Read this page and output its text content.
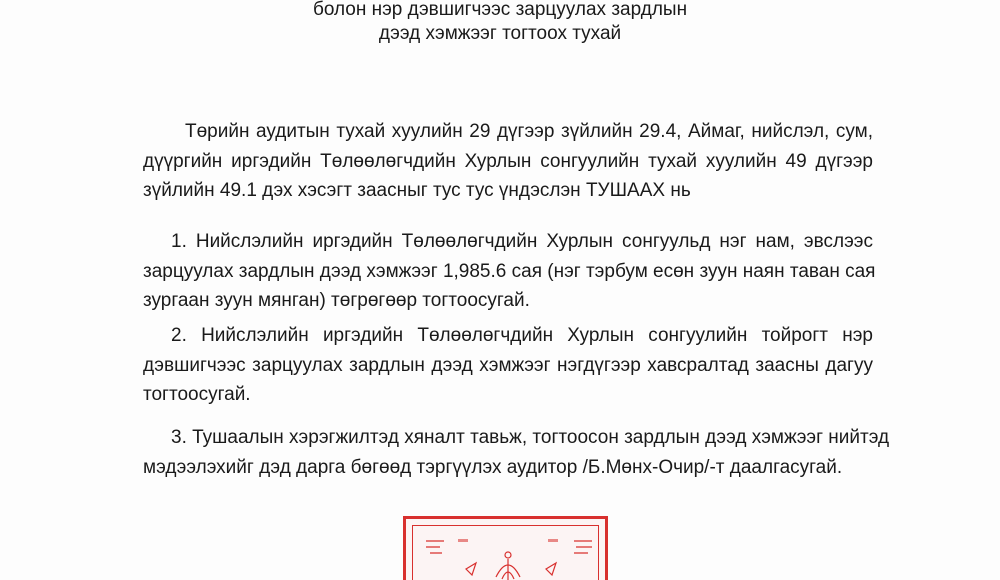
болон нэр дэвшигчээс зарцуулах зардлын
дээд хэмжээг тогтоох тухай
Төрийн аудитын тухай хуулийн 29 дүгээр зүйлийн 29.4, Аймаг, нийслэл, сум,
дүүргийн иргэдийн Төлөөлөгчдийн Хурлын сонгуулийн тухай хуулийн 49 дүгээр
зүйлийн 49.1 дэх хэсэгт заасныг тус тус үндэслэн ТУШААХ нь
1. Нийслэлийн иргэдийн Төлөөлөгчдийн Хурлын сонгуульд нэг нам, эвслээс
зарцуулах зардлын дээд хэмжээг 1,985.6 сая (нэг тэрбум есөн зуун наян таван сая
зургаан зуун мянган) төгрөгөөр тогтоосугай.
2. Нийслэлийн иргэдийн Төлөөлөгчдийн Хурлын сонгуулийн тойрогт нэр
дэвшигчээс зарцуулах зардлын дээд хэмжээг нэгдүгээр хавсралтад заасны дагуу
тогтоосугай.
3. Тушаалын хэрэгжилтэд хяналт тавьж, тогтоосон зардлын дээд хэмжээг нийтэд
мэдээлэхийг дэд дарга бөгөөд тэргүүлэх аудитор /Б.Мөнх-Очир/-т даалгасугай.
